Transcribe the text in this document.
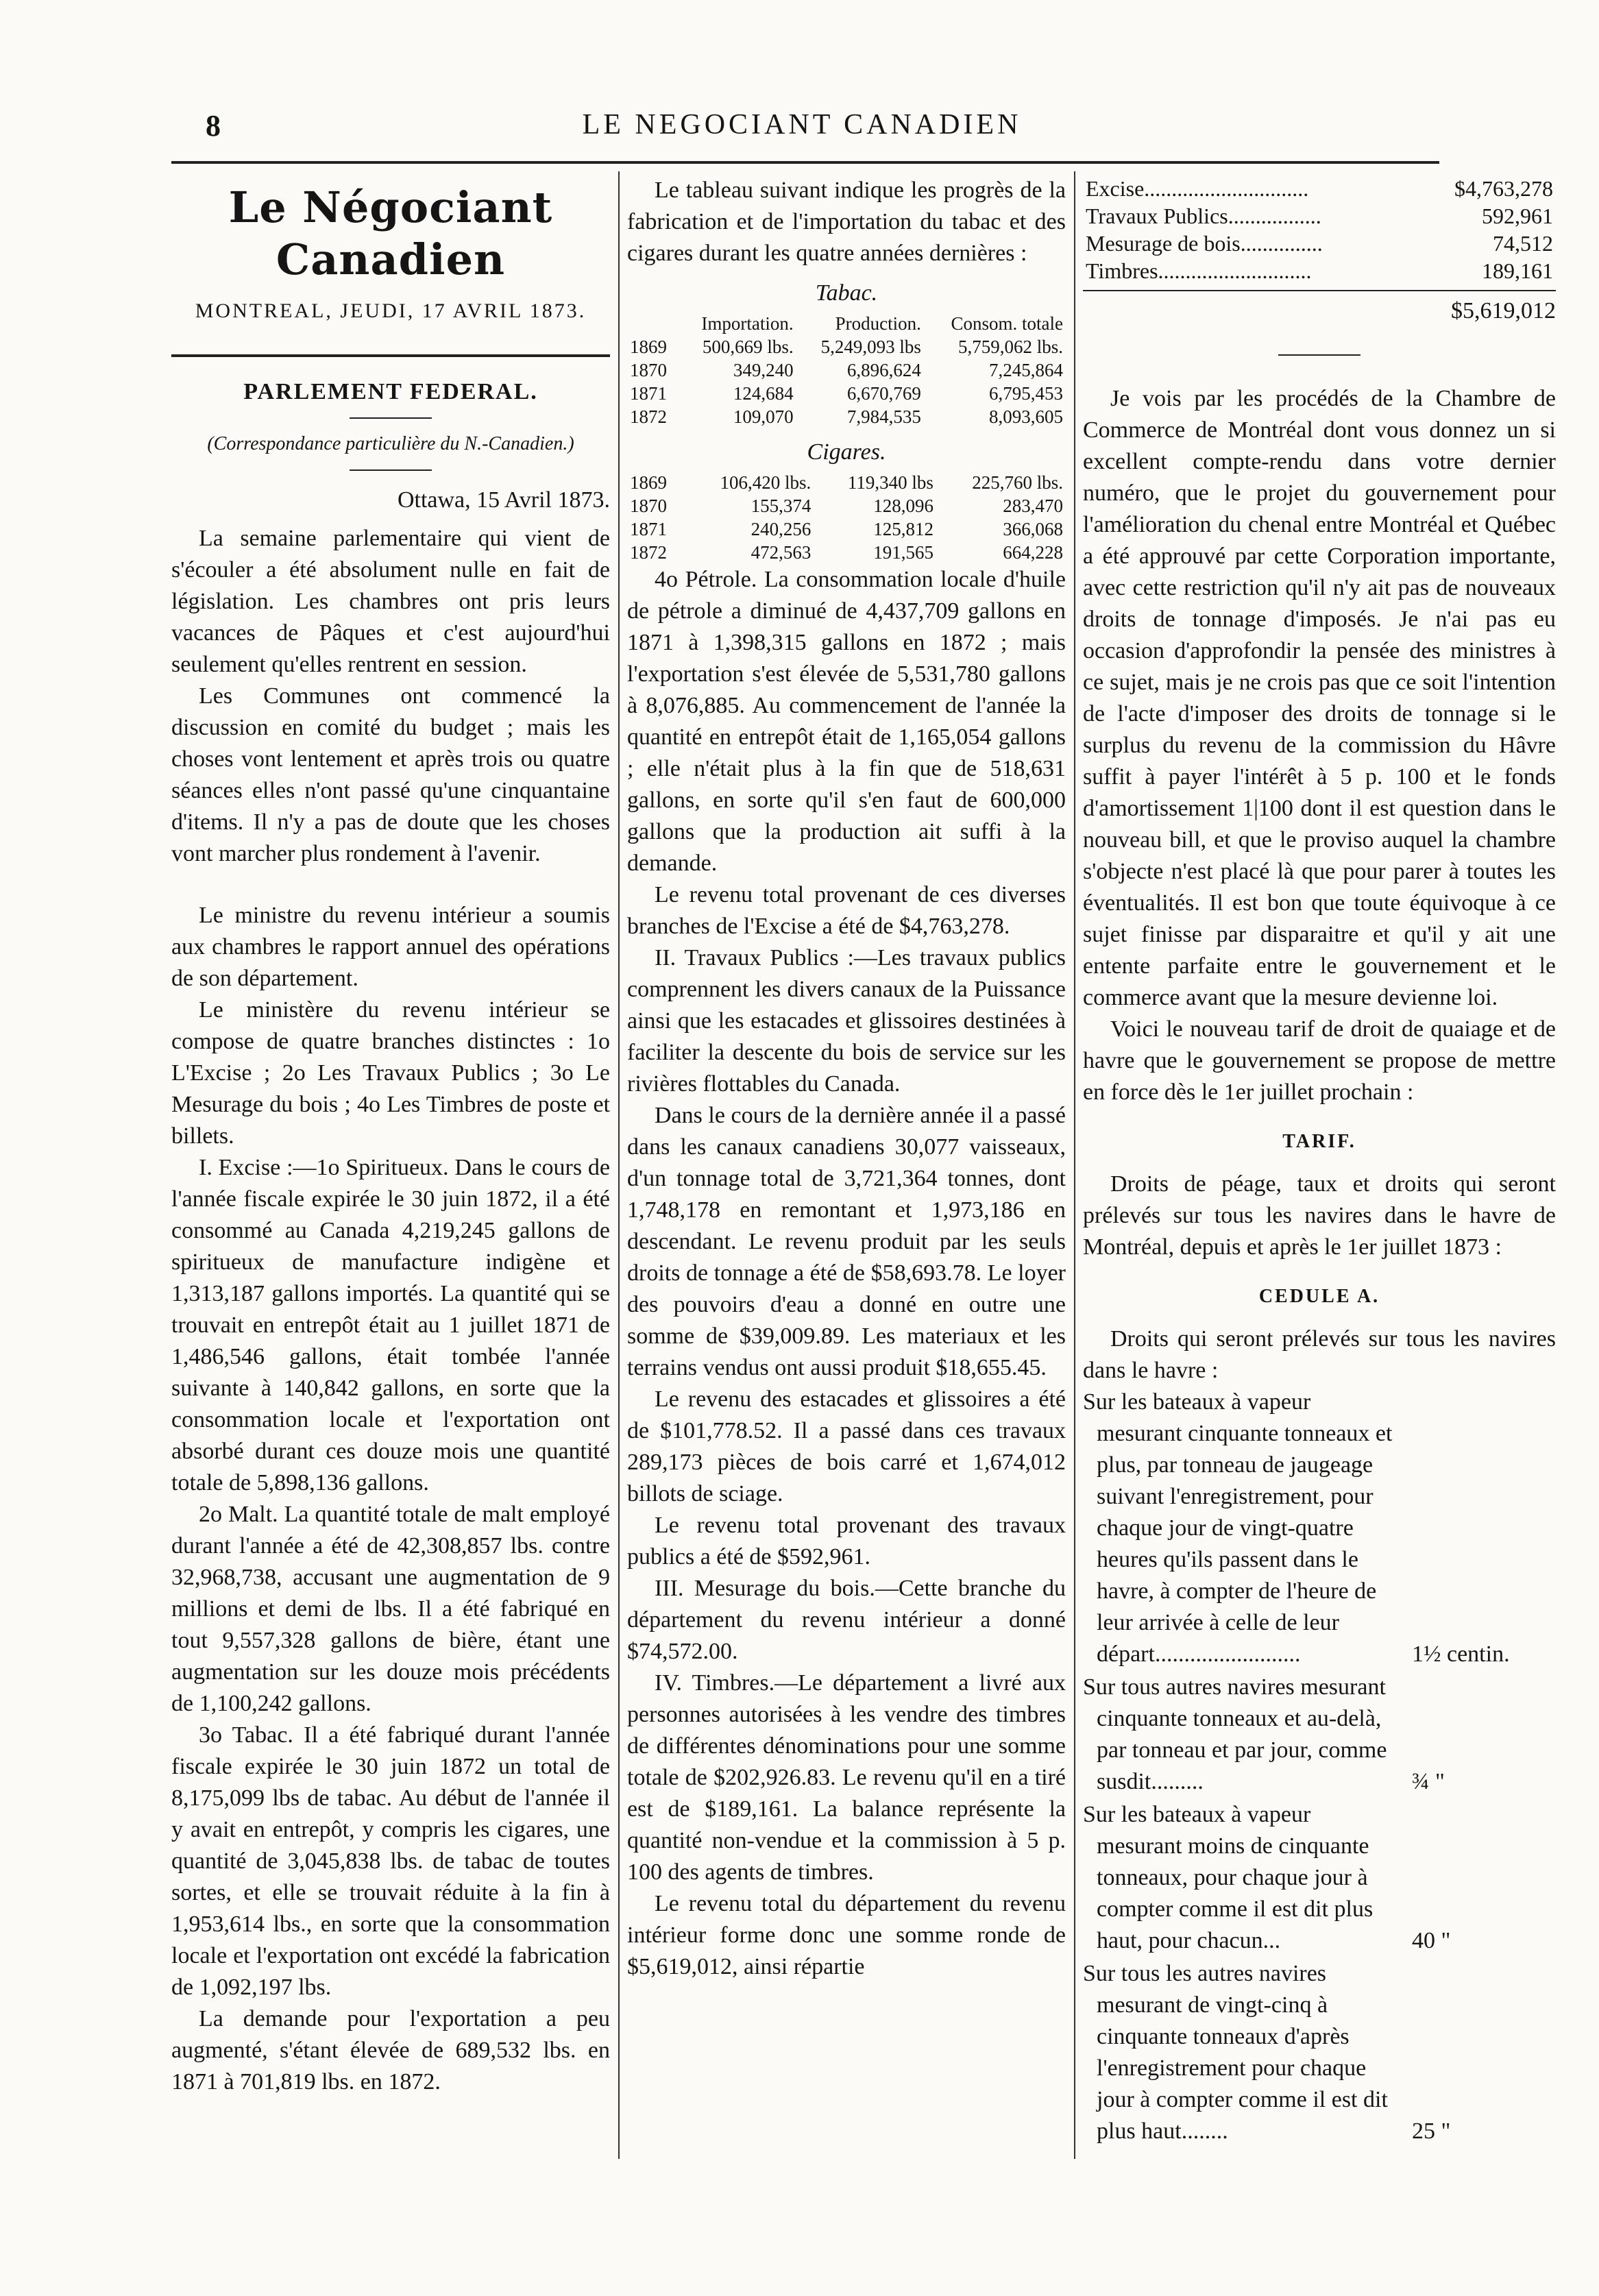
8	LE NEGOCIANT CANADIEN
Le Négociant Canadien
MONTREAL, JEUDI, 17 AVRIL 1873.
PARLEMENT FEDERAL.
(Correspondance particulière du N.-Canadien.)
Ottawa, 15 Avril 1873.

La semaine parlementaire qui vient de s'écouler a été absolument nulle en fait de législation. Les chambres ont pris leurs vacances de Pâques et c'est aujourd'hui seulement qu'elles rentrent en session.

Les Communes ont commencé la discussion en comité du budget ; mais les choses vont lentement et après trois ou quatre séances elles n'ont passé qu'une cinquantaine d'items. Il n'y a pas de doute que les choses vont marcher plus rondement à l'avenir.

Le ministre du revenu intérieur a soumis aux chambres le rapport annuel des opérations de son département.

Le ministère du revenu intérieur se compose de quatre branches distinctes : 1o L'Excise ; 2o Les Travaux Publics ; 3o Le Mesurage du bois ; 4o Les Timbres de poste et billets.

I. Excise :—1o Spiritueux. Dans le cours de l'année fiscale expirée le 30 juin 1872, il a été consommé au Canada 4,219,245 gallons de spiritueux de manufacture indigène et 1,313,187 gallons importés. La quantité qui se trouvait en entrepôt était au 1 juillet 1871 de 1,486,546 gallons, était tombée l'année suivante à 140,842 gallons, en sorte que la consommation locale et l'exportation ont absorbé durant ces douze mois une quantité totale de 5,898,136 gallons.

2o Malt. La quantité totale de malt employé durant l'année a été de 42,308,857 lbs. contre 32,968,738, accusant une augmentation de 9 millions et demi de lbs. Il a été fabriqué en tout 9,557,328 gallons de bière, étant une augmentation sur les douze mois précédents de 1,100,242 gallons.

3o Tabac. Il a été fabriqué durant l'année fiscale expirée le 30 juin 1872 un total de 8,175,099 lbs de tabac. Au début de l'année il y avait en entrepôt, y compris les cigares, une quantité de 3,045,838 lbs. de tabac de toutes sortes, et elle se trouvait réduite à la fin à 1,953,614 lbs., en sorte que la consommation locale et l'exportation ont excédé la fabrication de 1,092,197 lbs.

La demande pour l'exportation a peu augmenté, s'étant élevée de 689,532 lbs. en 1871 à 701,819 lbs. en 1872.

Le tableau suivant indique les progrès de la fabrication et de l'importation du tabac et des cigares durant les quatre années dernières :

Tabac.
	Importation.	Production.	Consom. totale
1869	500,669 lbs.	5,249,093 lbs	5,759,062 lbs.
1870	349,240	6,896,624	7,245,864
1871	124,684	6,670,769	6,795,453
1872	109,070	7,984,535	8,093,605
Cigares.
1869	106,420 lbs.	119,340 lbs	225,760 lbs.
1870	155,374	128,096	283,470
1871	240,256	125,812	366,068
1872	472,563	191,565	664,228

4o Pétrole. La consommation locale d'huile de pétrole a diminué de 4,437,709 gallons en 1871 à 1,398,315 gallons en 1872 ; mais l'exportation s'est élevée de 5,531,780 gallons à 8,076,885. Au commencement de l'année la quantité en entrepôt était de 1,165,054 gallons ; elle n'était plus à la fin que de 518,631 gallons, en sorte qu'il s'en faut de 600,000 gallons que la production ait suffi à la demande.

Le revenu total provenant de ces diverses branches de l'Excise a été de $4,763,278.

II. Travaux Publics :—Les travaux publics comprennent les divers canaux de la Puissance ainsi que les estacades et glissoires destinées à faciliter la descente du bois de service sur les rivières flottables du Canada.

Dans le cours de la dernière année il a passé dans les canaux canadiens 30,077 vaisseaux, d'un tonnage total de 3,721,364 tonnes, dont 1,748,178 en remontant et 1,973,186 en descendant. Le revenu produit par les seuls droits de tonnage a été de $58,693.78. Le loyer des pouvoirs d'eau a donné en outre une somme de $39,009.89. Les materiaux et les terrains vendus ont aussi produit $18,655.45.

Le revenu des estacades et glissoires a été de $101,778.52. Il a passé dans ces travaux 289,173 pièces de bois carré et 1,674,012 billots de sciage.

Le revenu total provenant des travaux publics a été de $592,961.

III. Mesurage du bois.—Cette branche du département du revenu intérieur a donné $74,572.00.

IV. Timbres.—Le département a livré aux personnes autorisées à les vendre des timbres de différentes dénominations pour une somme totale de $202,926.83. Le revenu qu'il en a tiré est de $189,161. La balance représente la quantité non-vendue et la commission à 5 p. 100 des agents de timbres.

Le revenu total du département du revenu intérieur forme donc une somme ronde de $5,619,012, ainsi répartie

Excise..............................	$4,763,278
Travaux Publics.................	592,961
Mesurage de bois...............	74,512
Timbres............................	189,161
$5,619,012

Je vois par les procédés de la Chambre de Commerce de Montréal dont vous donnez un si excellent compte-rendu dans votre dernier numéro, que le projet du gouvernement pour l'amélioration du chenal entre Montréal et Québec a été approuvé par cette Corporation importante, avec cette restriction qu'il n'y ait pas de nouveaux droits de tonnage d'imposés. Je n'ai pas eu occasion d'approfondir la pensée des ministres à ce sujet, mais je ne crois pas que ce soit l'intention de l'acte d'imposer des droits de tonnage si le surplus du revenu de la commission du Hâvre suffit à payer l'intérêt à 5 p. 100 et le fonds d'amortissement 1|100 dont il est question dans le nouveau bill, et que le proviso auquel la chambre s'objecte n'est placé là que pour parer à toutes les éventualités. Il est bon que toute équivoque à ce sujet finisse par disparaitre et qu'il y ait une entente parfaite entre le gouvernement et le commerce avant que la mesure devienne loi.

Voici le nouveau tarif de droit de quaiage et de havre que le gouvernement se propose de mettre en force dès le 1er juillet prochain :

TARIF.

Droits de péage, taux et droits qui seront prélevés sur tous les navires dans le havre de Montréal, depuis et après le 1er juillet 1873 :

CEDULE A.

Droits qui seront prélevés sur tous les navires dans le havre :

Sur les bateaux à vapeur mesurant cinquante tonneaux et plus, par tonneau de jaugeage suivant l'enregistrement, pour chaque jour de vingt-quatre heures qu'ils passent dans le havre, à compter de l'heure de leur arrivée à celle de leur départ.........................	1½ centin.
Sur tous autres navires mesurant cinquante tonneaux et au-delà, par tonneau et par jour, comme susdit.........	¾ "
Sur les bateaux à vapeur mesurant moins de cinquante tonneaux, pour chaque jour à compter comme il est dit plus haut, pour chacun...	40 "
Sur tous les autres navires mesurant de vingt-cinq à cinquante tonneaux d'après l'enregistrement pour chaque jour à compter comme il est dit plus haut........	25 "
